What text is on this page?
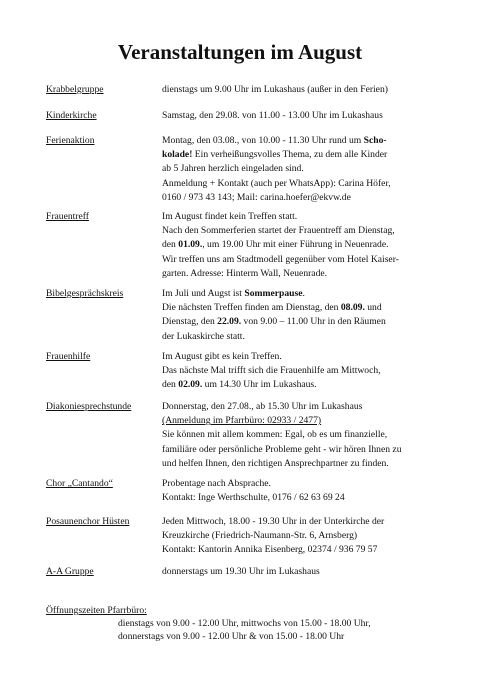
Veranstaltungen im August
Krabbelgruppe	dienstags um 9.00 Uhr im Lukashaus (außer in den Ferien)
Kinderkirche	Samstag, den 29.08. von 11.00 - 13.00 Uhr im Lukashaus
Ferienaktion	Montag, den 03.08., von 10.00 - 11.30 Uhr rund um Scho-
kolade! Ein verheißungsvolles Thema, zu dem alle Kinder
ab 5 Jahren herzlich eingeladen sind.
Anmeldung + Kontakt (auch per WhatsApp): Carina Höfer,
0160 / 973 43 143; Mail: carina.hoefer@ekvw.de
Frauentreff	Im August findet kein Treffen statt.
Nach den Sommerferien startet der Frauentreff am Dienstag,
den 01.09., um 19.00 Uhr mit einer Führung in Neuenrade.
Wir treffen uns am Stadtmodell gegenüber vom Hotel Kaiser-
garten. Adresse: Hinterm Wall, Neuenrade.
Bibelgesprächskreis	Im Juli und Augst ist Sommerpause.
Die nächsten Treffen finden am Dienstag, den 08.09. und
Dienstag, den 22.09. von 9.00 – 11.00 Uhr in den Räumen
der Lukaskirche statt.
Frauenhilfe	Im August gibt es kein Treffen.
Das nächste Mal trifft sich die Frauenhilfe am Mittwoch,
den 02.09. um 14.30 Uhr im Lukashaus.
Diakoniesprechstunde	Donnerstag, den 27.08., ab 15.30 Uhr im Lukashaus
(Anmeldung im Pfarrbüro: 02933 / 2477)
Sie können mit allem kommen: Egal, ob es um finanzielle,
familiäre oder persönliche Probleme geht - wir hören Ihnen zu
und helfen Ihnen, den richtigen Ansprechpartner zu finden.
Chor „Cantando“	Probentage nach Absprache.
Kontakt: Inge Werthschulte, 0176 / 62 63 69 24
Posaunenchor Hüsten	Jeden Mittwoch, 18.00 - 19.30 Uhr in der Unterkirche der
Kreuzkirche (Friedrich-Naumann-Str. 6, Arnsberg)
Kontakt: Kantorin Annika Eisenberg, 02374 / 936 79 57
A-A Gruppe	donnerstags um 19.30 Uhr im Lukashaus
Öffnungszeiten Pfarrbüro:
dienstags von 9.00 - 12.00 Uhr, mittwochs von 15.00 - 18.00 Uhr,
donnerstags von 9.00 - 12.00 Uhr & von 15.00 - 18.00 Uhr
